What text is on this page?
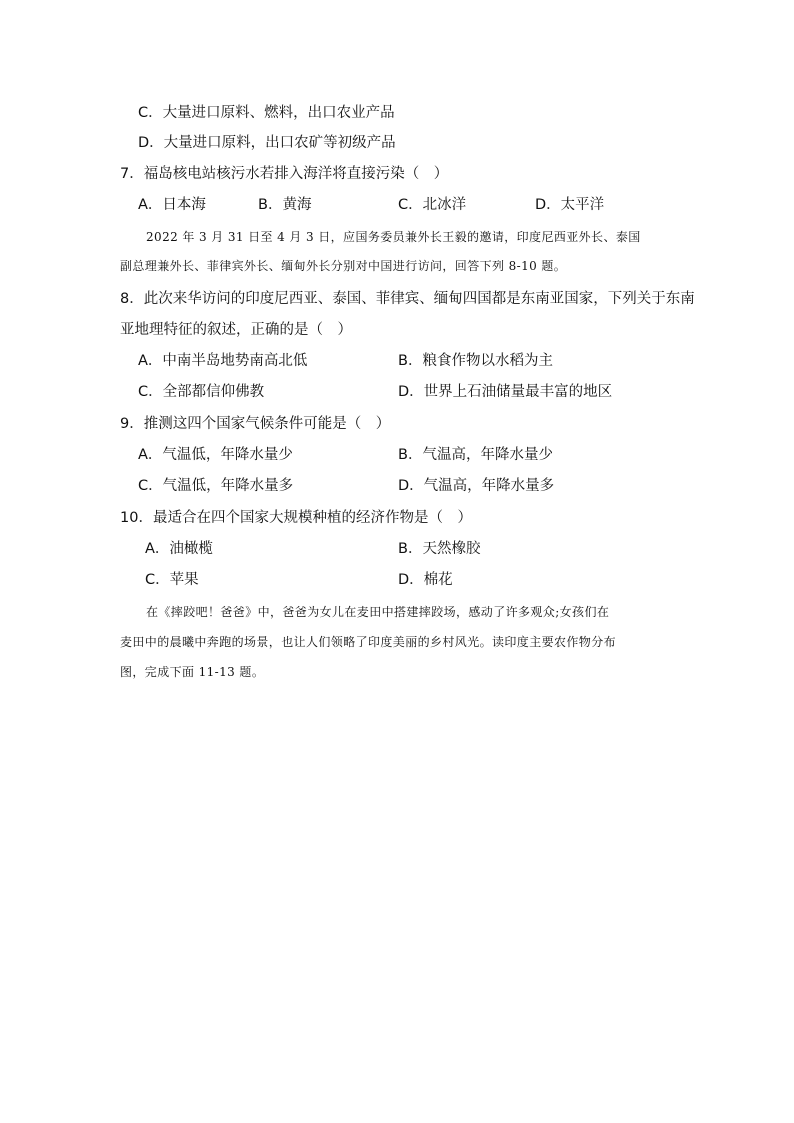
C．大量进口原料、燃料，出口农业产品
D．大量进口原料，出口农矿等初级产品
7．福岛核电站核污水若排入海洋将直接污染（　）
A．日本海	B．黄海	C．北冰洋	D．太平洋
2022 年 3 月 31 日至 4 月 3 日，应国务委员兼外长王毅的邀请，印度尼西亚外长、泰国
副总理兼外长、菲律宾外长、缅甸外长分别对中国进行访问，回答下列 8-10 题。
8．此次来华访问的印度尼西亚、泰国、菲律宾、缅甸四国都是东南亚国家，下列关于东南
亚地理特征的叙述，正确的是（　）
A．中南半岛地势南高北低	B．粮食作物以水稻为主
C．全部都信仰佛教	D．世界上石油储量最丰富的地区
9．推测这四个国家气候条件可能是（　）
A．气温低，年降水量少	B．气温高，年降水量少
C．气温低，年降水量多	D．气温高，年降水量多
10．最适合在四个国家大规模种植的经济作物是（　）
A．油橄榄	B．天然橡胶
C．苹果	D．棉花
在《摔跤吧！爸爸》中，爸爸为女儿在麦田中搭建摔跤场，感动了许多观众;女孩们在
麦田中的晨曦中奔跑的场景，也让人们领略了印度美丽的乡村风光。读印度主要农作物分布
图，完成下面 11-13 题。
